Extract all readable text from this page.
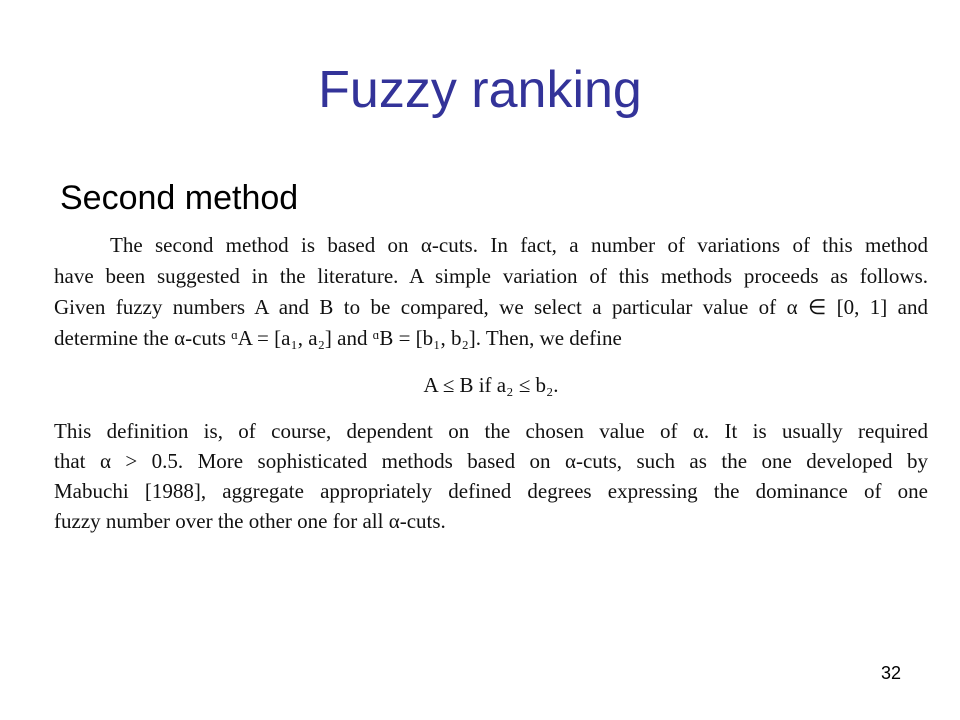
Fuzzy ranking
Second method
The second method is based on α-cuts. In fact, a number of variations of this method
have been suggested in the literature. A simple variation of this methods proceeds as follows.
Given fuzzy numbers A and B to be compared, we select a particular value of α ∈ [0, 1] and
determine the α-cuts ᵅA = [a₁, a₂] and ᵅB = [b₁, b₂]. Then, we define
A ≤ B if a₂ ≤ b₂.
This definition is, of course, dependent on the chosen value of α. It is usually required
that α > 0.5. More sophisticated methods based on α-cuts, such as the one developed by
Mabuchi [1988], aggregate appropriately defined degrees expressing the dominance of one
fuzzy number over the other one for all α-cuts.
32
